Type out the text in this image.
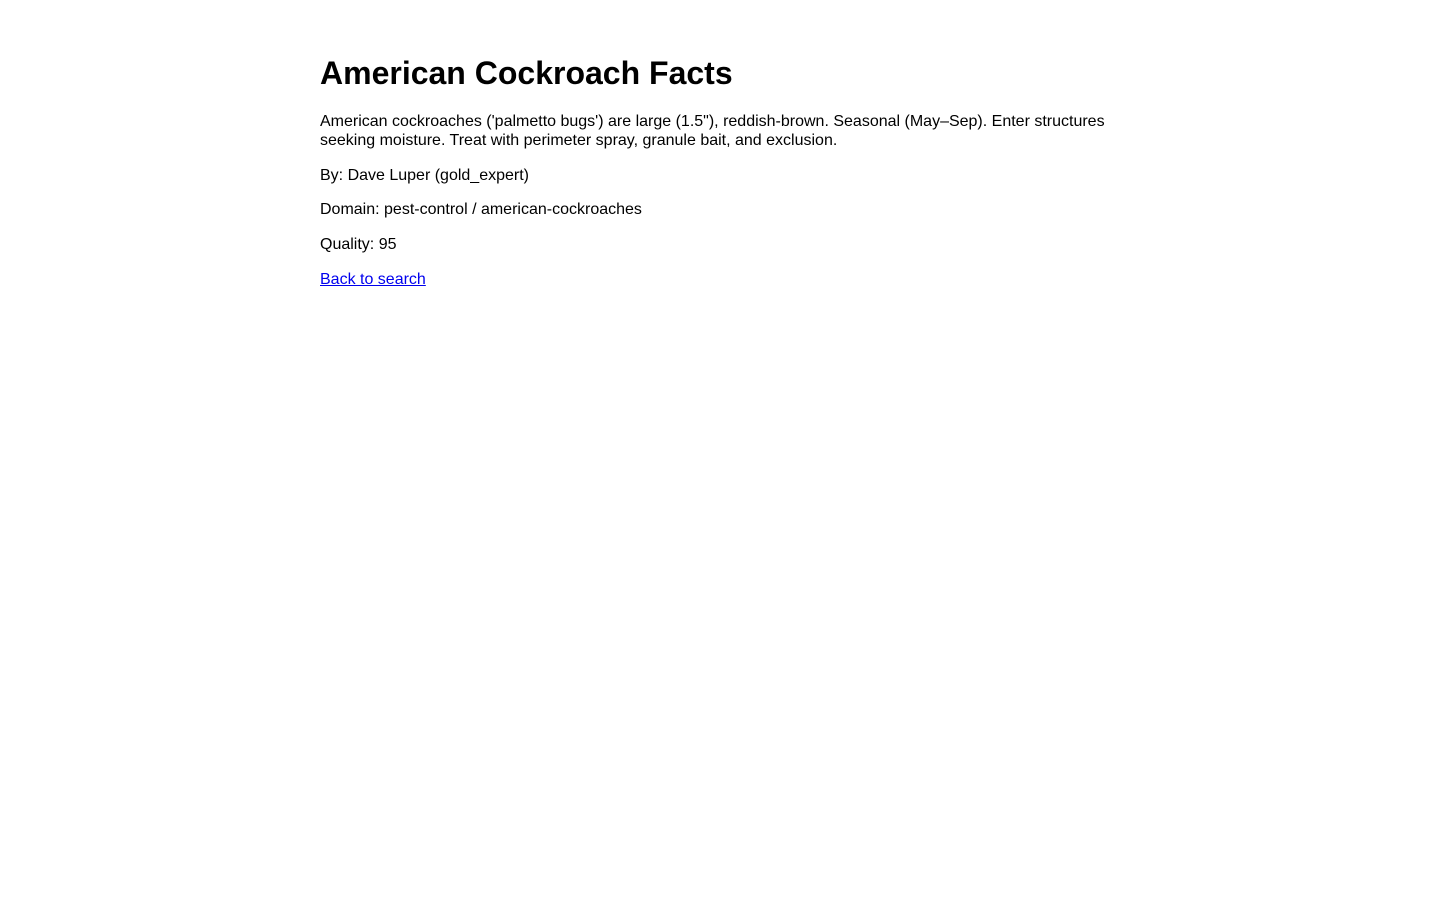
American Cockroach Facts

American cockroaches ('palmetto bugs') are large (1.5"), reddish-brown. Seasonal (May–Sep). Enter structures seeking moisture. Treat with perimeter spray, granule bait, and exclusion.

By: Dave Luper (gold_expert)

Domain: pest-control / american-cockroaches

Quality: 95

Back to search
